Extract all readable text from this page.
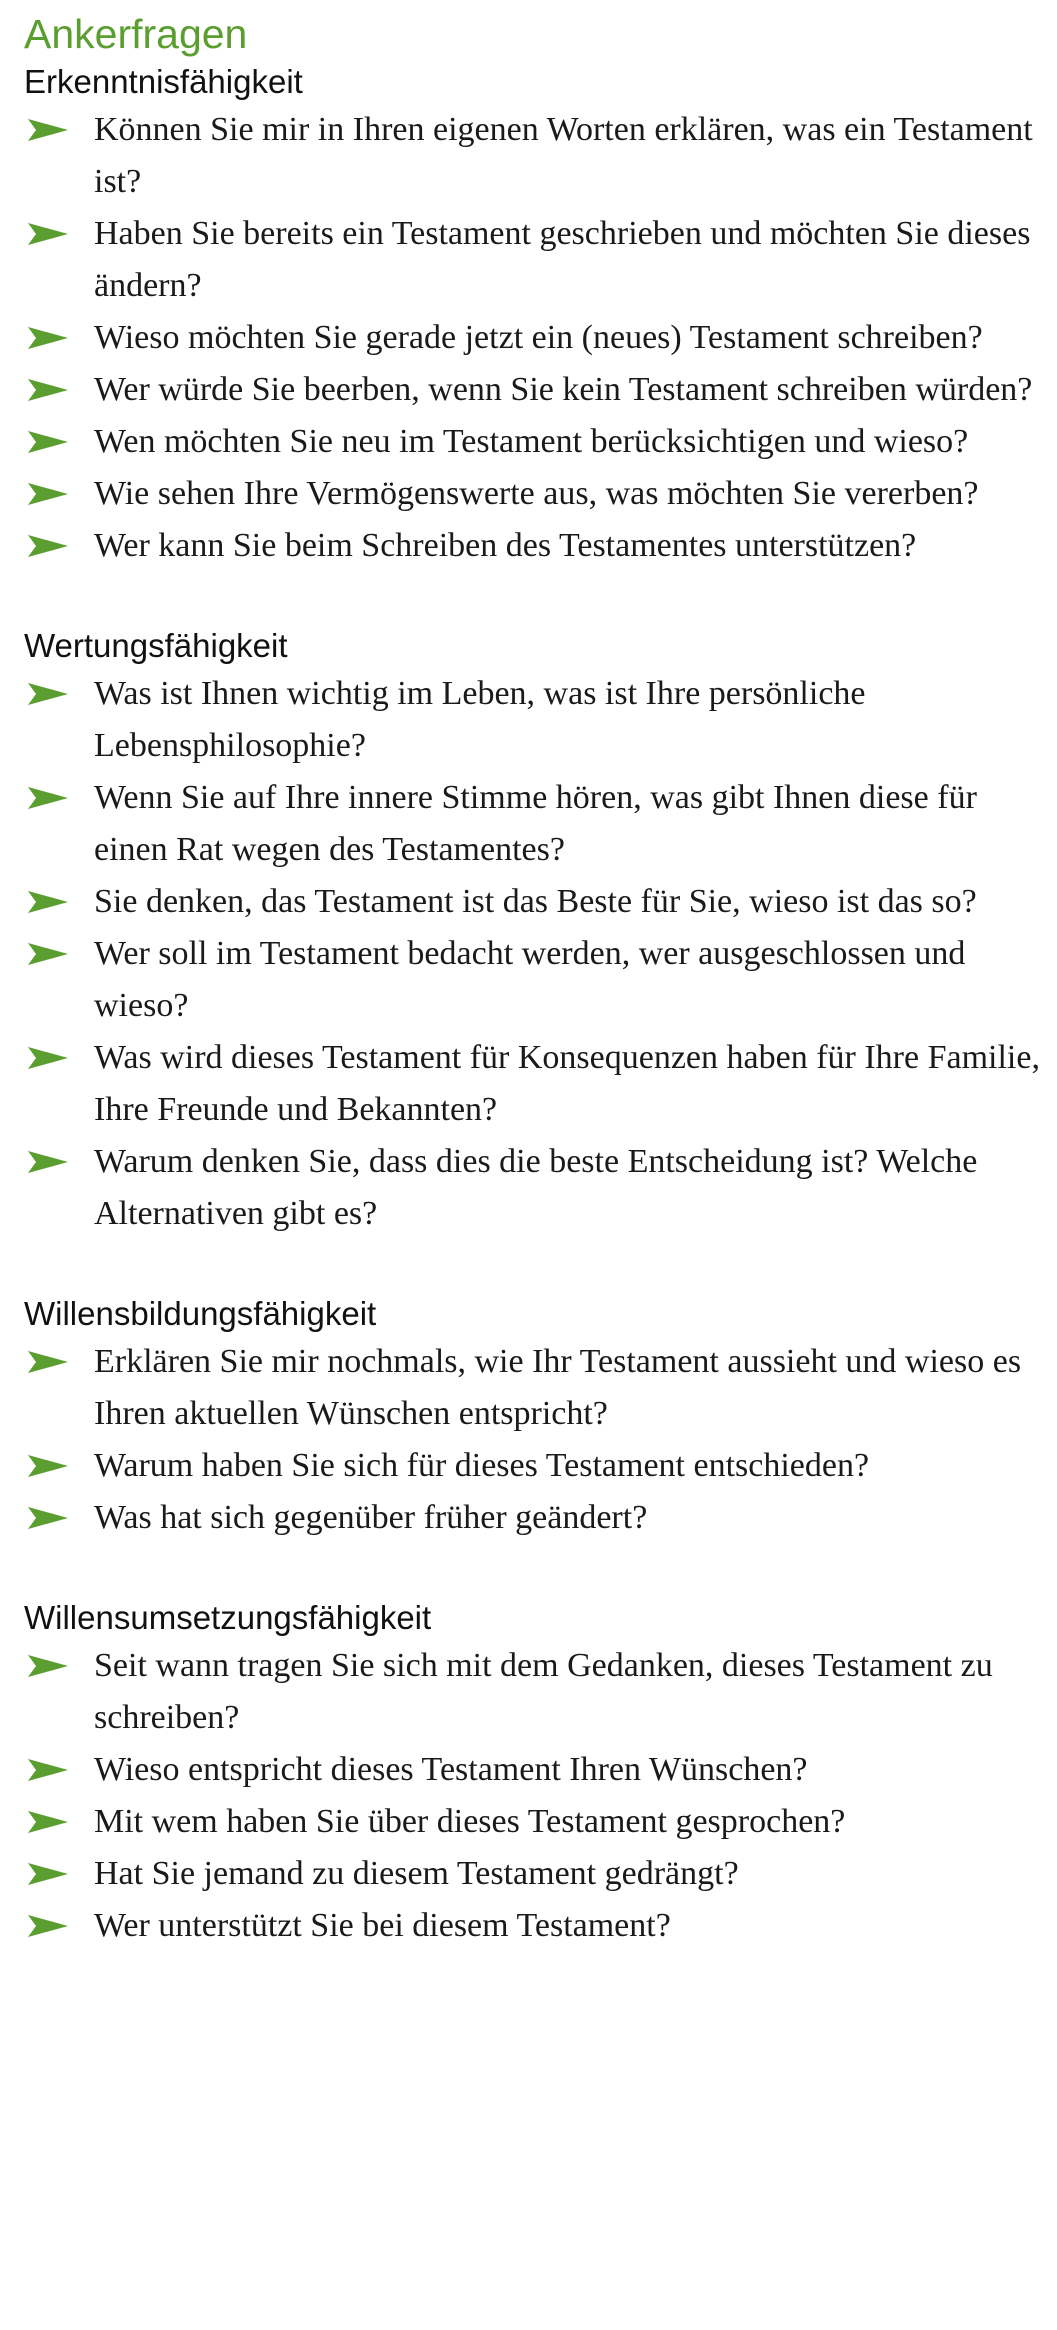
Ankerfragen
Erkenntnisfähigkeit
Können Sie mir in Ihren eigenen Worten erklären, was ein Testament ist?
Haben Sie bereits ein Testament geschrieben und möchten Sie dieses ändern?
Wieso möchten Sie gerade jetzt ein (neues) Testament schreiben?
Wer würde Sie beerben, wenn Sie kein Testament schreiben würden?
Wen möchten Sie neu im Testament berücksichtigen und wieso?
Wie sehen Ihre Vermögenswerte aus, was möchten Sie vererben?
Wer kann Sie beim Schreiben des Testamentes unterstützen?
Wertungsfähigkeit
Was ist Ihnen wichtig im Leben, was ist Ihre persönliche Lebensphilosophie?
Wenn Sie auf Ihre innere Stimme hören, was gibt Ihnen diese für einen Rat wegen des Testamentes?
Sie denken, das Testament ist das Beste für Sie, wieso ist das so?
Wer soll im Testament bedacht werden, wer ausgeschlossen und wieso?
Was wird dieses Testament für Konsequenzen haben für Ihre Familie, Ihre Freunde und Bekannten?
Warum denken Sie, dass dies die beste Entscheidung ist? Welche Alternativen gibt es?
Willensbildungsfähigkeit
Erklären Sie mir nochmals, wie Ihr Testament aussieht und wieso es Ihren aktuellen Wünschen entspricht?
Warum haben Sie sich für dieses Testament entschieden?
Was hat sich gegenüber früher geändert?
Willensumsetzungsfähigkeit
Seit wann tragen Sie sich mit dem Gedanken, dieses Testament zu schreiben?
Wieso entspricht dieses Testament Ihren Wünschen?
Mit wem haben Sie über dieses Testament gesprochen?
Hat Sie jemand zu diesem Testament gedrängt?
Wer unterstützt Sie bei diesem Testament?
